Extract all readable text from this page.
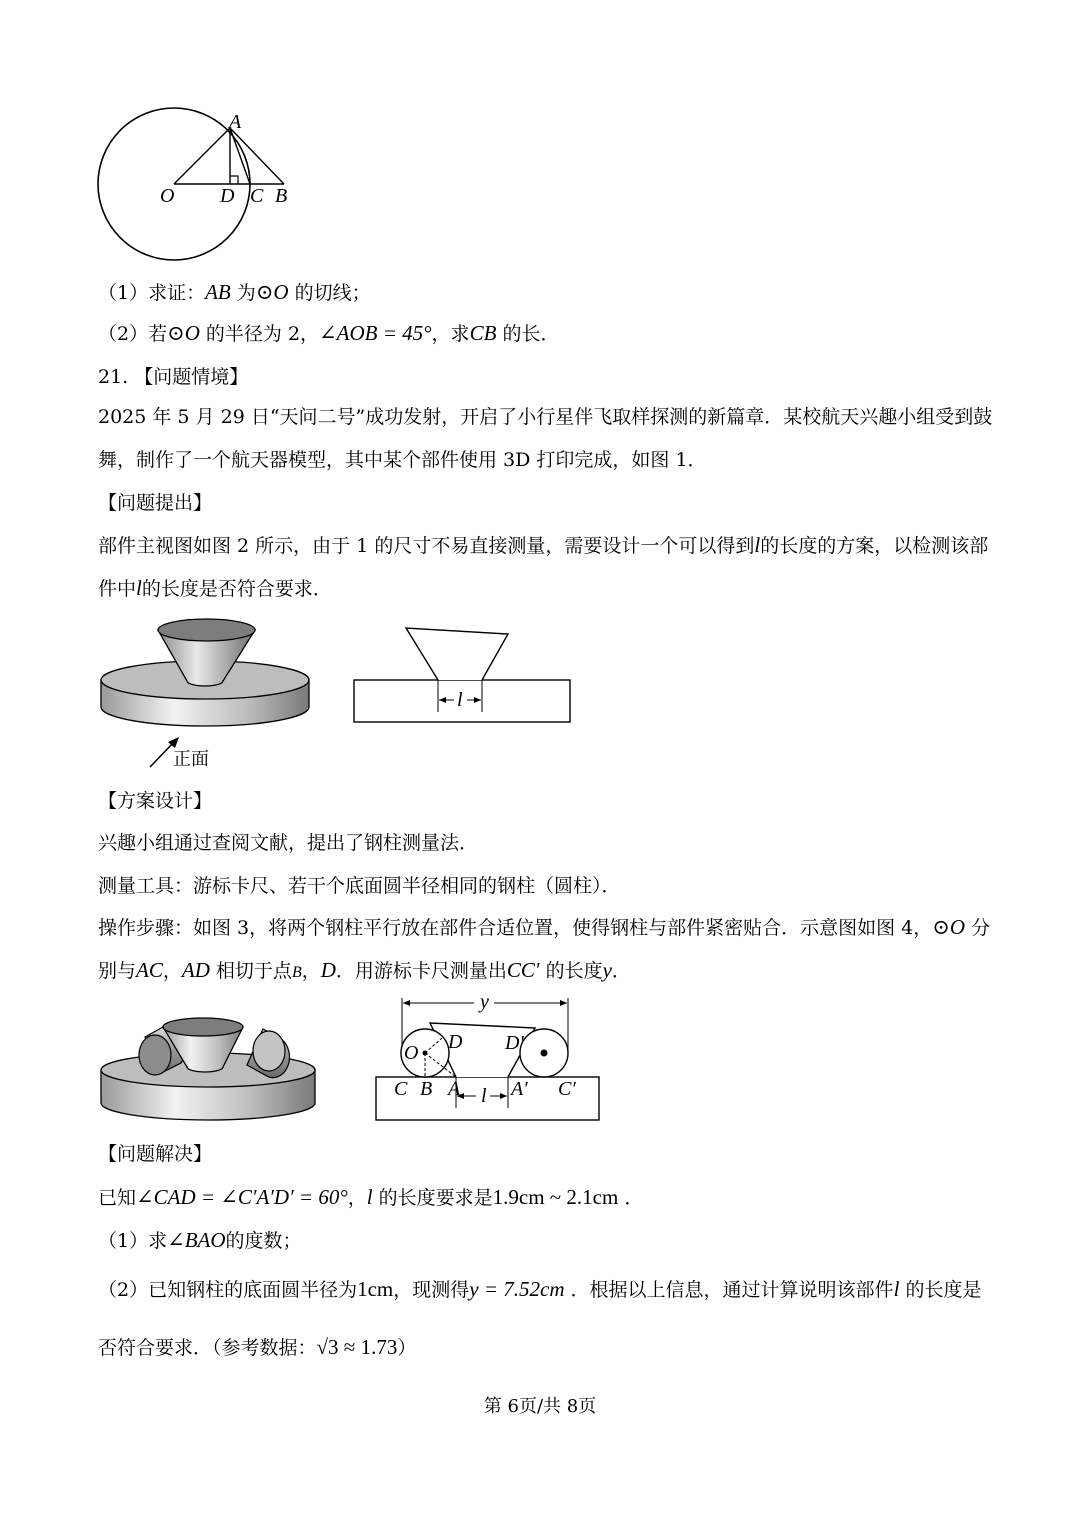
A
O D C B
（1）求证：AB 为⊙O 的切线；
（2）若⊙O 的半径为 2，∠AOB = 45°，求CB 的长．
21. 【问题情境】
2025 年 5 月 29 日“天问二号”成功发射，开启了小行星伴飞取样探测的新篇章．某校航天兴趣小组受到鼓
舞，制作了一个航天器模型，其中某个部件使用 3D 打印完成，如图 1．
【问题提出】
部件主视图如图 2 所示，由于 1 的尺寸不易直接测量，需要设计一个可以得到l的长度的方案，以检测该部
件中l的长度是否符合要求．
正面
l
【方案设计】
兴趣小组通过查阅文献，提出了钢柱测量法．
测量工具：游标卡尺、若干个底面圆半径相同的钢柱（圆柱）．
操作步骤：如图 3，将两个钢柱平行放在部件合适位置，使得钢柱与部件紧密贴合．示意图如图 4，⊙O 分
别与AC，AD 相切于点B，D．用游标卡尺测量出CC′ 的长度y．
y
l
O D D′
C B A	A′ C′
【问题解决】
已知∠CAD = ∠C′A′D′ = 60°，l 的长度要求是1.9cm ~ 2.1cm ．
（1）求∠BAO的度数；
（2）已知钢柱的底面圆半径为1cm，现测得y = 7.52cm ．根据以上信息，通过计算说明该部件l 的长度是
否符合要求．（参考数据：√3 ≈ 1.73）
第 6页/共 8页
